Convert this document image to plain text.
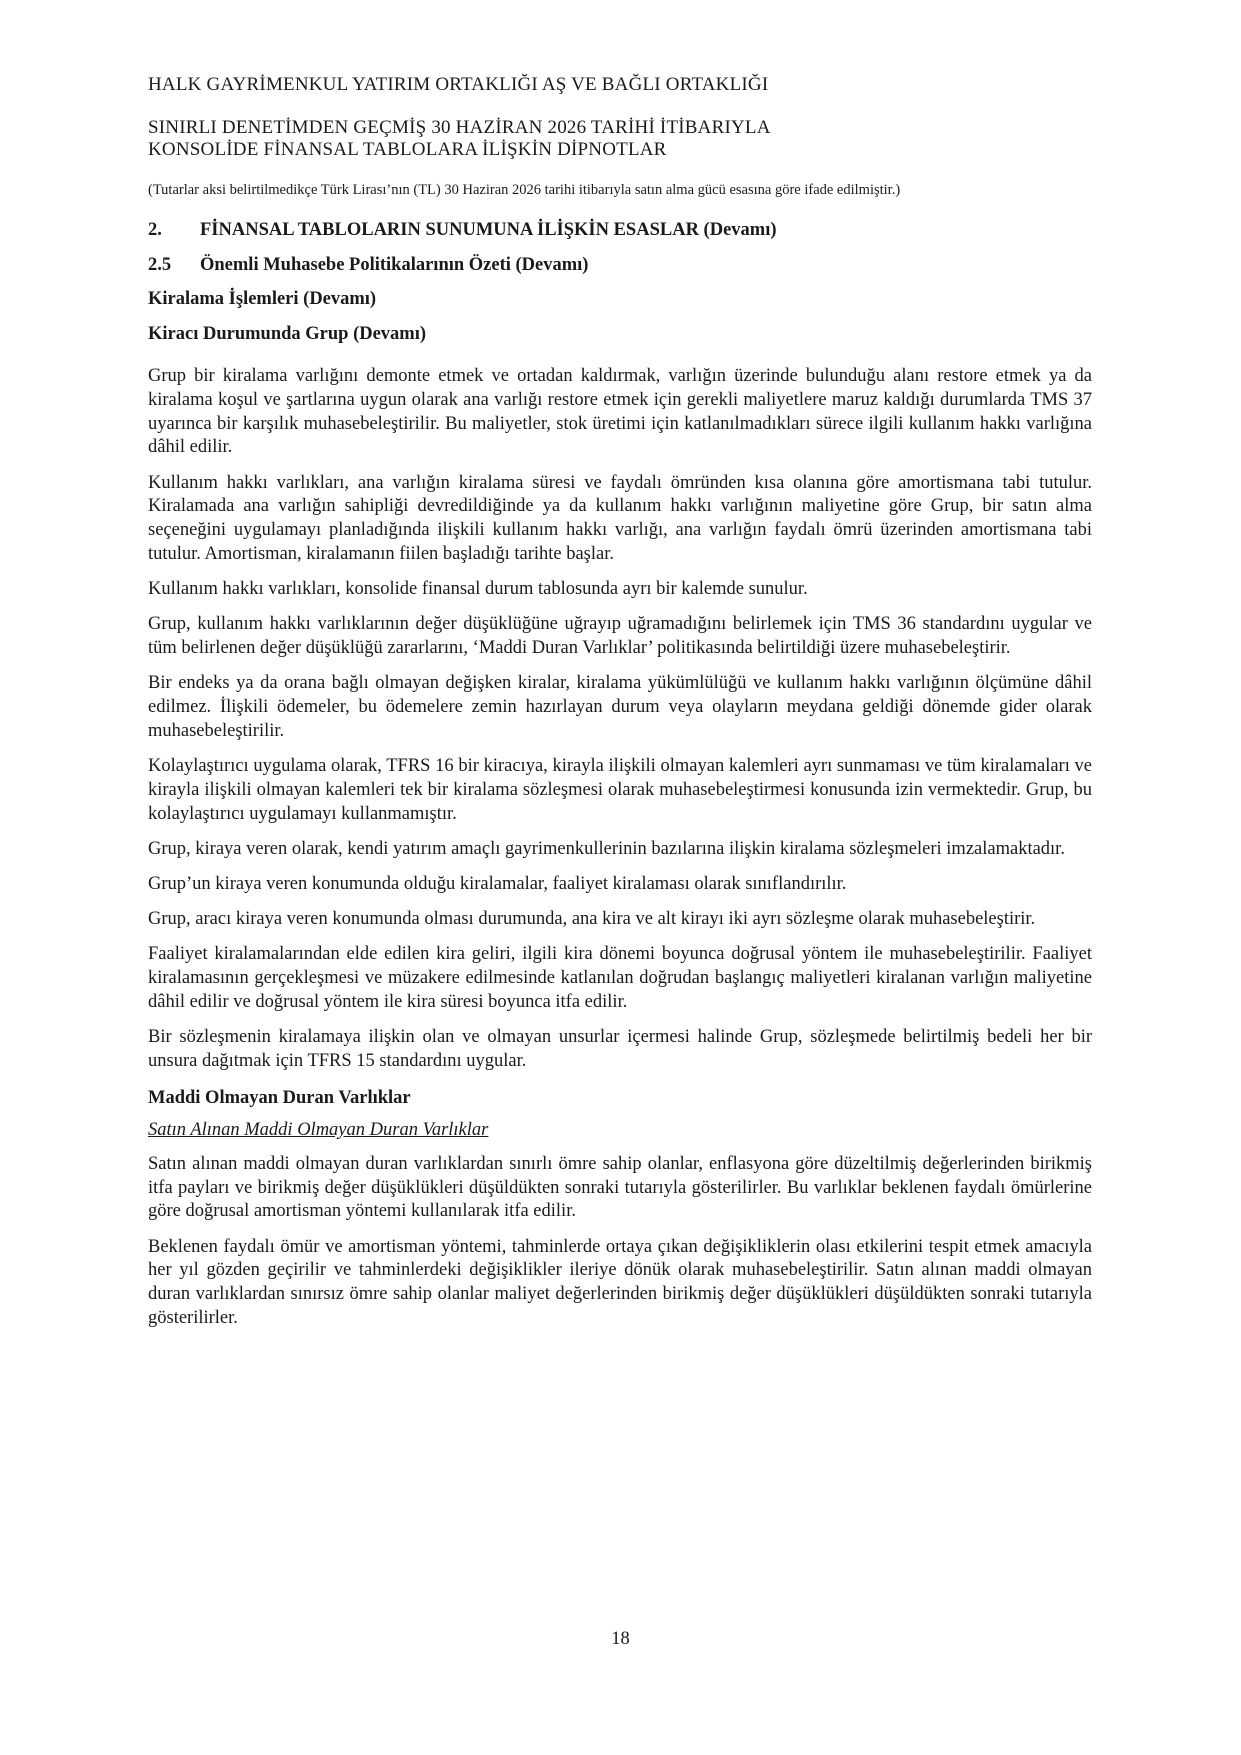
HALK GAYRİMENKUL YATIRIM ORTAKLIĞI AŞ VE BAĞLI ORTAKLIĞI

SINIRLI DENETİMDEN GEÇMİŞ 30 HAZİRAN 2026 TARİHİ İTİBARIYLA

KONSOLİDE FİNANSAL TABLOLARA İLİŞKİN DİPNOTLAR

(Tutarlar aksi belirtilmedikçe Türk Lirası’nın (TL) 30 Haziran 2026 tarihi itibarıyla satın alma gücü esasına göre ifade edilmiştir.)

2.	FİNANSAL TABLOLARIN SUNUMUNA İLİŞKİN ESASLAR (Devamı)
2.5	Önemli Muhasebe Politikalarının Özeti (Devamı)

Kiralama İşlemleri (Devamı)

Kiracı Durumunda Grup (Devamı)

Grup bir kiralama varlığını demonte etmek ve ortadan kaldırmak, varlığın üzerinde bulunduğu alanı restore etmek ya da kiralama koşul ve şartlarına uygun olarak ana varlığı restore etmek için gerekli maliyetlere maruz kaldığı durumlarda TMS 37 uyarınca bir karşılık muhasebeleştirilir. Bu maliyetler, stok üretimi için katlanılmadıkları sürece ilgili kullanım hakkı varlığına dâhil edilir.

Kullanım hakkı varlıkları, ana varlığın kiralama süresi ve faydalı ömründen kısa olanına göre amortismana tabi tutulur. Kiralamada ana varlığın sahipliği devredildiğinde ya da kullanım hakkı varlığının maliyetine göre Grup, bir satın alma seçeneğini uygulamayı planladığında ilişkili kullanım hakkı varlığı, ana varlığın faydalı ömrü üzerinden amortismana tabi tutulur. Amortisman, kiralamanın fiilen başladığı tarihte başlar.

Kullanım hakkı varlıkları, konsolide finansal durum tablosunda ayrı bir kalemde sunulur.

Grup, kullanım hakkı varlıklarının değer düşüklüğüne uğrayıp uğramadığını belirlemek için TMS 36 standardını uygular ve tüm belirlenen değer düşüklüğü zararlarını, ‘Maddi Duran Varlıklar’ politikasında belirtildiği üzere muhasebeleştirir.

Bir endeks ya da orana bağlı olmayan değişken kiralar, kiralama yükümlülüğü ve kullanım hakkı varlığının ölçümüne dâhil edilmez. İlişkili ödemeler, bu ödemelere zemin hazırlayan durum veya olayların meydana geldiği dönemde gider olarak muhasebeleştirilir.

Kolaylaştırıcı uygulama olarak, TFRS 16 bir kiracıya, kirayla ilişkili olmayan kalemleri ayrı sunmaması ve tüm kiralamaları ve kirayla ilişkili olmayan kalemleri tek bir kiralama sözleşmesi olarak muhasebeleştirmesi konusunda izin vermektedir. Grup, bu kolaylaştırıcı uygulamayı kullanmamıştır.

Grup, kiraya veren olarak, kendi yatırım amaçlı gayrimenkullerinin bazılarına ilişkin kiralama sözleşmeleri imzalamaktadır.

Grup’un kiraya veren konumunda olduğu kiralamalar, faaliyet kiralaması olarak sınıflandırılır.

Grup, aracı kiraya veren konumunda olması durumunda, ana kira ve alt kirayı iki ayrı sözleşme olarak muhasebeleştirir.

Faaliyet kiralamalarından elde edilen kira geliri, ilgili kira dönemi boyunca doğrusal yöntem ile muhasebeleştirilir. Faaliyet kiralamasının gerçekleşmesi ve müzakere edilmesinde katlanılan doğrudan başlangıç maliyetleri kiralanan varlığın maliyetine dâhil edilir ve doğrusal yöntem ile kira süresi boyunca itfa edilir.

Bir sözleşmenin kiralamaya ilişkin olan ve olmayan unsurlar içermesi halinde Grup, sözleşmede belirtilmiş bedeli her bir unsura dağıtmak için TFRS 15 standardını uygular.

Maddi Olmayan Duran Varlıklar

Satın Alınan Maddi Olmayan Duran Varlıklar

Satın alınan maddi olmayan duran varlıklardan sınırlı ömre sahip olanlar, enflasyona göre düzeltilmiş değerlerinden birikmiş itfa payları ve birikmiş değer düşüklükleri düşüldükten sonraki tutarıyla gösterilirler. Bu varlıklar beklenen faydalı ömürlerine göre doğrusal amortisman yöntemi kullanılarak itfa edilir.

Beklenen faydalı ömür ve amortisman yöntemi, tahminlerde ortaya çıkan değişikliklerin olası etkilerini tespit etmek amacıyla her yıl gözden geçirilir ve tahminlerdeki değişiklikler ileriye dönük olarak muhasebeleştirilir. Satın alınan maddi olmayan duran varlıklardan sınırsız ömre sahip olanlar maliyet değerlerinden birikmiş değer düşüklükleri düşüldükten sonraki tutarıyla gösterilirler.

18
